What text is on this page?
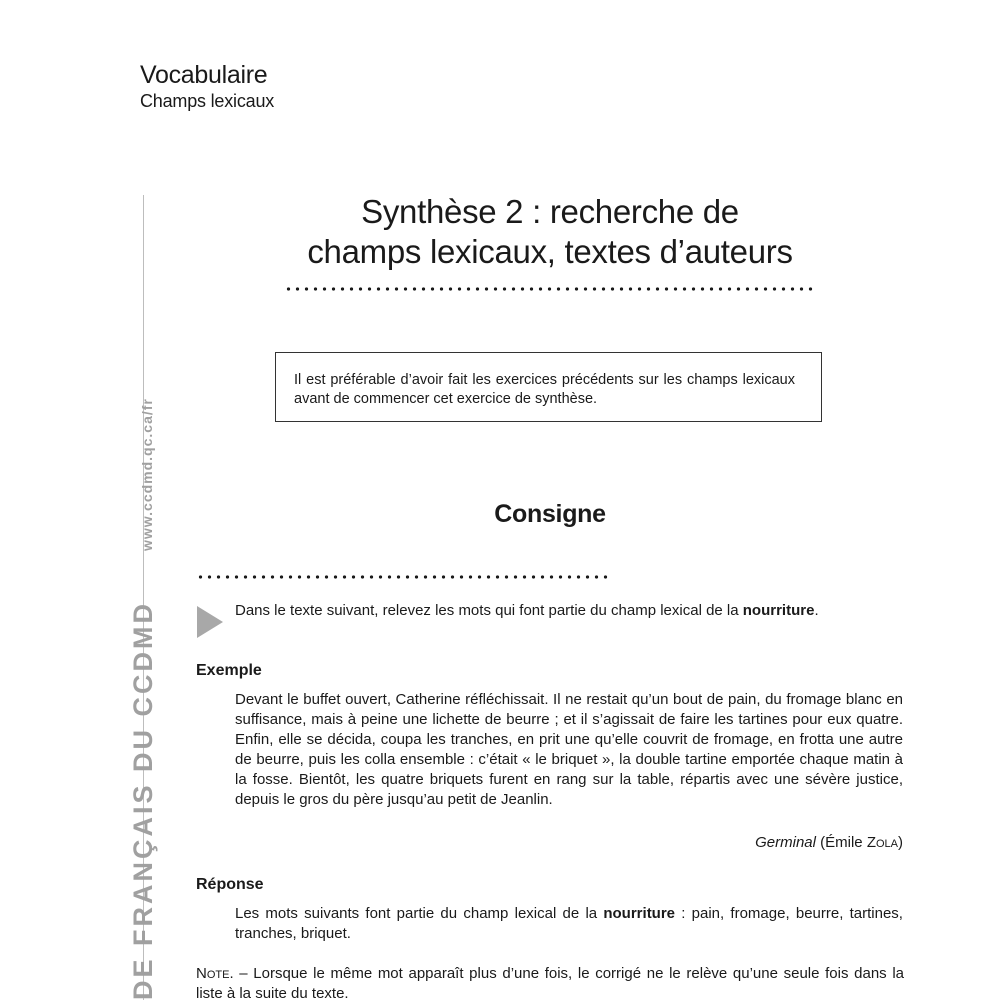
Vocabulaire
Champs lexicaux
DE FRANÇAIS DU CCDMDwww.ccdmd.qc.ca/fr
Synthèse 2 : recherche de
champs lexicaux, textes d’auteurs
Il est préférable d’avoir fait les exercices précédents sur les champs lexicaux avant de commencer cet exercice de synthèse.
Consigne
Dans le texte suivant, relevez les mots qui font partie du champ lexical de la nourriture.
Exemple
Devant le buffet ouvert, Catherine réfléchissait. Il ne restait qu’un bout de pain, du fromage blanc en suffisance, mais à peine une lichette de beurre ; et il s’agissait de faire les tartines pour eux quatre. Enfin, elle se décida, coupa les tranches, en prit une qu’elle couvrit de fromage, en frotta une autre de beurre, puis les colla ensemble : c’était « le briquet », la double tartine emportée chaque matin à la fosse. Bientôt, les quatre briquets furent en rang sur la table, répartis avec une sévère justice, depuis le gros du père jusqu’au petit de Jeanlin.
Germinal (Émile Zola)
Réponse
Les mots suivants font partie du champ lexical de la nourriture : pain, fromage, beurre, tartines, tranches, briquet.
Note. – Lorsque le même mot apparaît plus d’une fois, le corrigé ne le relève qu’une seule fois dans la liste à la suite du texte.
